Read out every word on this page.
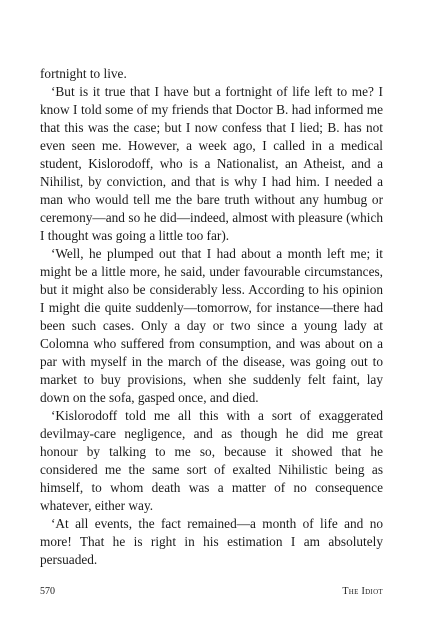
fortnight to live.

‘But is it true that I have but a fortnight of life left to me? I know I told some of my friends that Doctor B. had informed me that this was the case; but I now confess that I lied; B. has not even seen me. However, a week ago, I called in a medical student, Kislorodoff, who is a Nationalist, an Atheist, and a Nihilist, by conviction, and that is why I had him. I needed a man who would tell me the bare truth without any humbug or ceremony—and so he did—indeed, almost with pleasure (which I thought was going a little too far).

‘Well, he plumped out that I had about a month left me; it might be a little more, he said, under favourable circumstances, but it might also be considerably less. According to his opinion I might die quite suddenly—tomorrow, for instance—there had been such cases. Only a day or two since a young lady at Colomna who suffered from consumption, and was about on a par with myself in the march of the disease, was going out to market to buy provisions, when she suddenly felt faint, lay down on the sofa, gasped once, and died.

‘Kislorodoff told me all this with a sort of exaggerated devilmay-care negligence, and as though he did me great honour by talking to me so, because it showed that he considered me the same sort of exalted Nihilistic being as himself, to whom death was a matter of no consequence whatever, either way.

‘At all events, the fact remained—a month of life and no more! That he is right in his estimation I am absolutely persuaded.

570	The Idiot
